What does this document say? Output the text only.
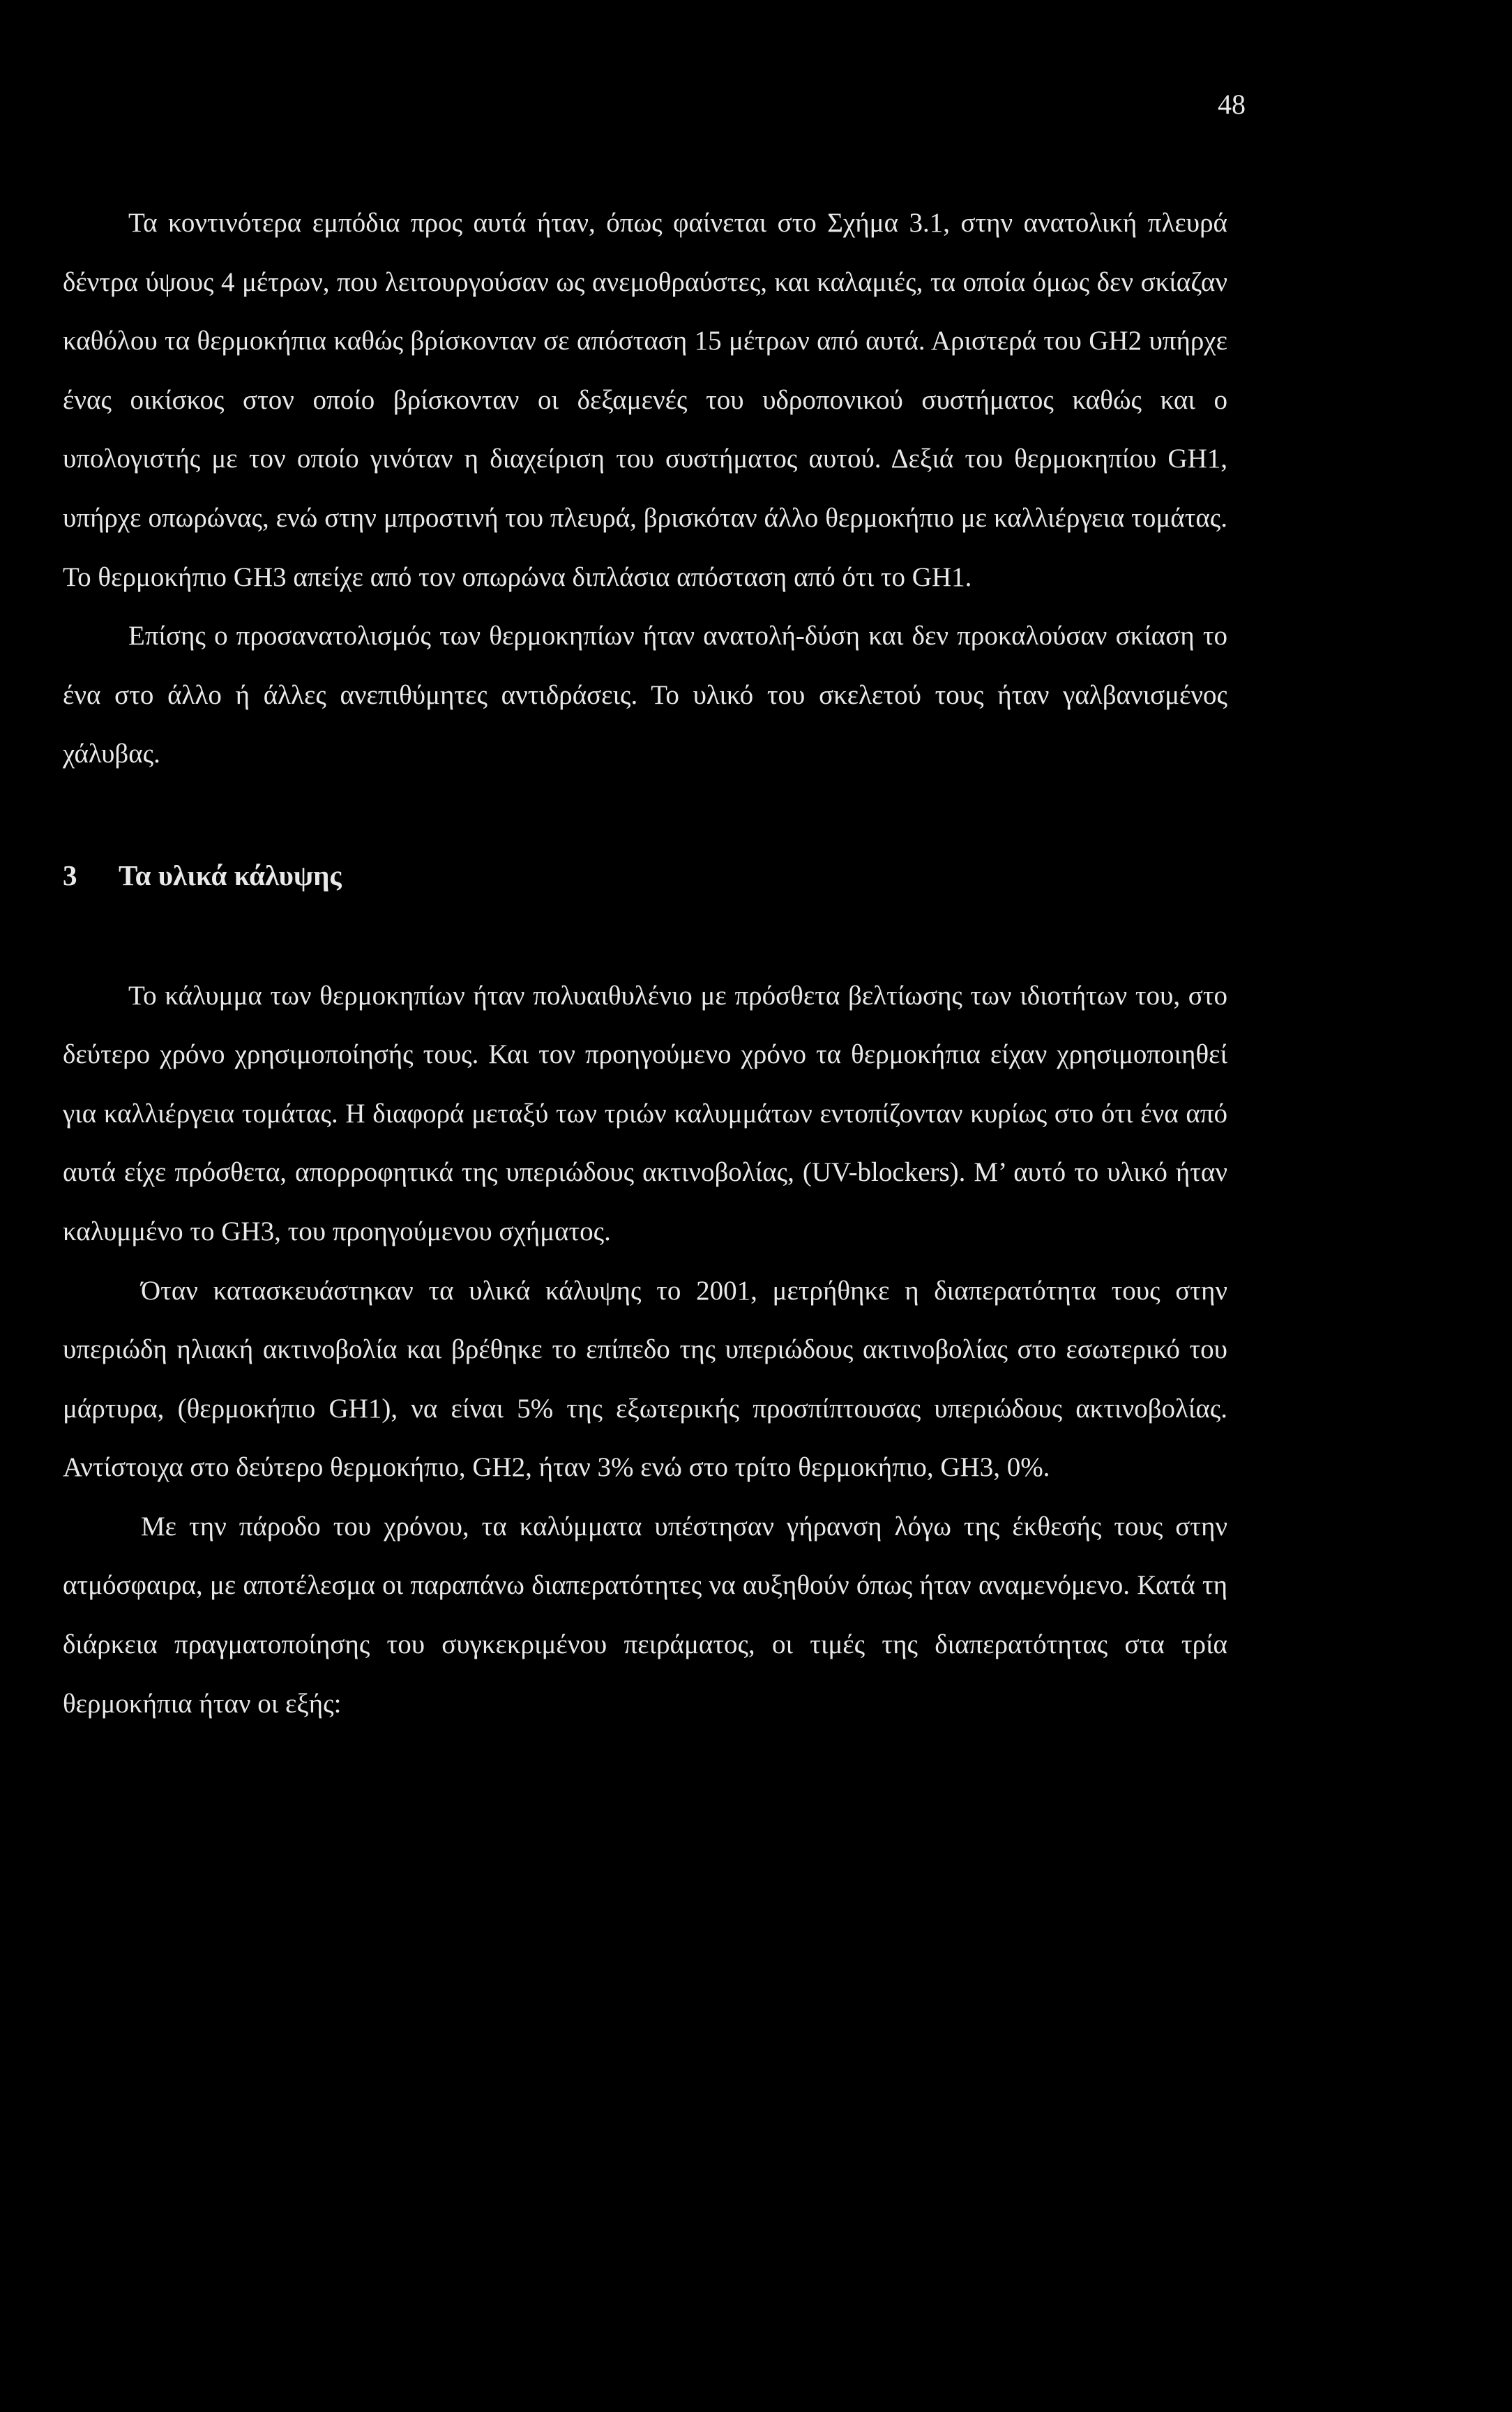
48

Τα κοντινότερα εμπόδια προς αυτά ήταν, όπως φαίνεται στο Σχήμα 3.1, στην ανατολική πλευρά δέντρα ύψους 4 μέτρων, που λειτουργούσαν ως ανεμοθραύστες, και καλαμιές, τα οποία όμως δεν σκίαζαν καθόλου τα θερμοκήπια καθώς βρίσκονταν σε απόσταση 15 μέτρων από αυτά. Αριστερά του GH2 υπήρχε ένας οικίσκος στον οποίο βρίσκονταν οι δεξαμενές του υδροπονικού συστήματος καθώς και ο υπολογιστής με τον οποίο γινόταν η διαχείριση του συστήματος αυτού. Δεξιά του θερμοκηπίου GH1, υπήρχε οπωρώνας, ενώ στην μπροστινή του πλευρά, βρισκόταν άλλο θερμοκήπιο με καλλιέργεια τομάτας. Το θερμοκήπιο GH3 απείχε από τον οπωρώνα διπλάσια απόσταση από ότι το GH1.

Επίσης ο προσανατολισμός των θερμοκηπίων ήταν ανατολή-δύση και δεν προκαλούσαν σκίαση το ένα στο άλλο ή άλλες ανεπιθύμητες αντιδράσεις. Το υλικό του σκελετού τους ήταν γαλβανισμένος χάλυβας.

3	Τα υλικά κάλυψης

Το κάλυμμα των θερμοκηπίων ήταν πολυαιθυλένιο με πρόσθετα βελτίωσης των ιδιοτήτων του, στο δεύτερο χρόνο χρησιμοποίησής τους. Και τον προηγούμενο χρόνο τα θερμοκήπια είχαν χρησιμοποιηθεί για καλλιέργεια τομάτας. Η διαφορά μεταξύ των τριών καλυμμάτων εντοπίζονταν κυρίως στο ότι ένα από αυτά είχε πρόσθετα, απορροφητικά της υπεριώδους ακτινοβολίας, (UV-blockers). Μ’ αυτό το υλικό ήταν καλυμμένο το GH3, του προηγούμενου σχήματος.

Όταν κατασκευάστηκαν τα υλικά κάλυψης το 2001, μετρήθηκε η διαπερατότητα τους στην υπεριώδη ηλιακή ακτινοβολία και βρέθηκε το επίπεδο της υπεριώδους ακτινοβολίας στο εσωτερικό του μάρτυρα, (θερμοκήπιο GH1), να είναι 5% της εξωτερικής προσπίπτουσας υπεριώδους ακτινοβολίας. Αντίστοιχα στο δεύτερο θερμοκήπιο, GH2, ήταν 3% ενώ στο τρίτο θερμοκήπιο, GH3, 0%.

Με την πάροδο του χρόνου, τα καλύμματα υπέστησαν γήρανση λόγω της έκθεσής τους στην ατμόσφαιρα, με αποτέλεσμα οι παραπάνω διαπερατότητες να αυξηθούν όπως ήταν αναμενόμενο. Κατά τη διάρκεια πραγματοποίησης του συγκεκριμένου πειράματος, οι τιμές της διαπερατότητας στα τρία θερμοκήπια ήταν οι εξής:
